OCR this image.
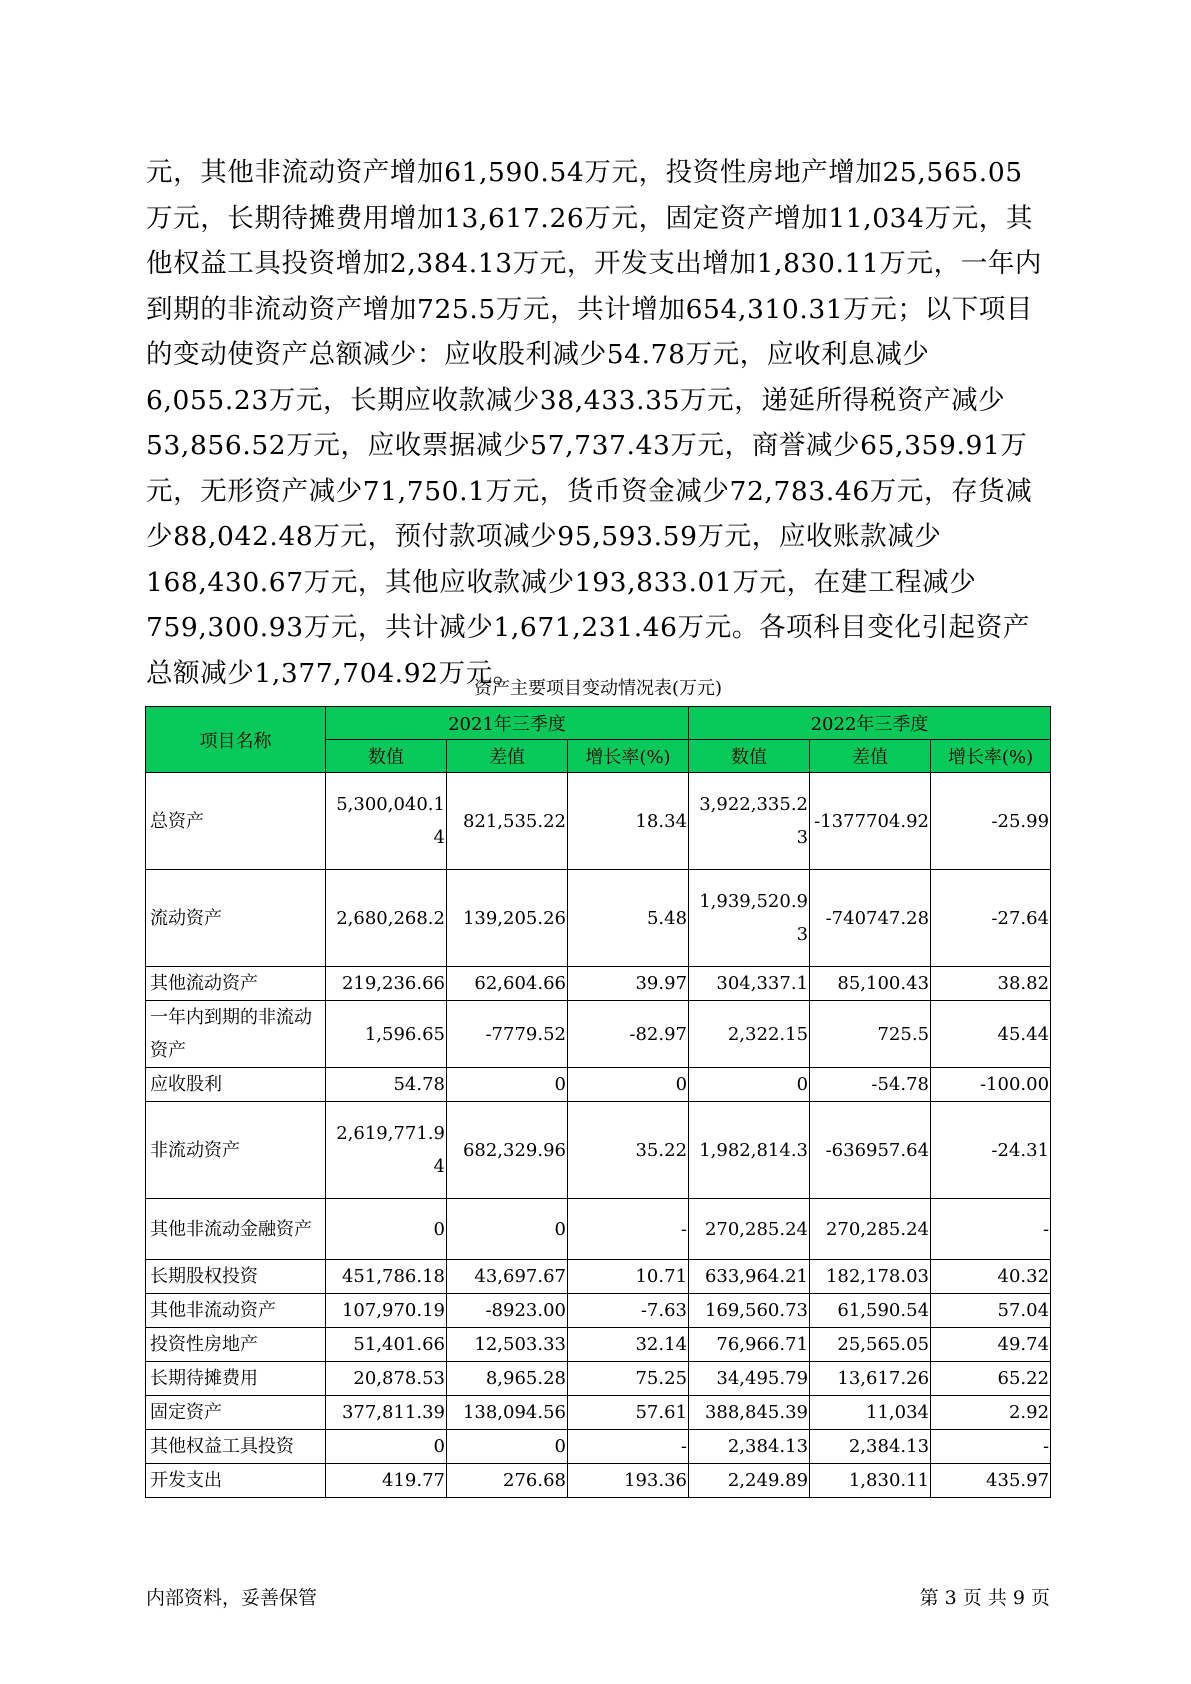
元，其他非流动资产增加61,590.54万元，投资性房地产增加25,565.05万元，长期待摊费用增加13,617.26万元，固定资产增加11,034万元，其他权益工具投资增加2,384.13万元，开发支出增加1,830.11万元，一年内到期的非流动资产增加725.5万元，共计增加654,310.31万元；以下项目的变动使资产总额减少：应收股利减少54.78万元，应收利息减少6,055.23万元，长期应收款减少38,433.35万元，递延所得税资产减少53,856.52万元，应收票据减少57,737.43万元，商誉减少65,359.91万元，无形资产减少71,750.1万元，货币资金减少72,783.46万元，存货减少88,042.48万元，预付款项减少95,593.59万元，应收账款减少168,430.67万元，其他应收款减少193,833.01万元，在建工程减少759,300.93万元，共计减少1,671,231.46万元。各项科目变化引起资产总额减少1,377,704.92万元。

资产主要项目变动情况表(万元)
项目名称	2021年三季度			2022年三季度		
	数值	差值	增长率(%)	数值	差值	增长率(%)
总资产	5,300,040.14	821,535.22	18.34	3,922,335.23	-1377704.92	-25.99
流动资产	2,680,268.2	139,205.26	5.48	1,939,520.93	-740747.28	-27.64
其他流动资产	219,236.66	62,604.66	39.97	304,337.1	85,100.43	38.82
一年内到期的非流动资产	1,596.65	-7779.52	-82.97	2,322.15	725.5	45.44
应收股利	54.78	0	0	0	-54.78	-100.00
非流动资产	2,619,771.94	682,329.96	35.22	1,982,814.3	-636957.64	-24.31
其他非流动金融资产	0	0	-	270,285.24	270,285.24	-
长期股权投资	451,786.18	43,697.67	10.71	633,964.21	182,178.03	40.32
其他非流动资产	107,970.19	-8923.00	-7.63	169,560.73	61,590.54	57.04
投资性房地产	51,401.66	12,503.33	32.14	76,966.71	25,565.05	49.74
长期待摊费用	20,878.53	8,965.28	75.25	34,495.79	13,617.26	65.22
固定资产	377,811.39	138,094.56	57.61	388,845.39	11,034	2.92
其他权益工具投资	0	0	-	2,384.13	2,384.13	-
开发支出	419.77	276.68	193.36	2,249.89	1,830.11	435.97
内部资料，妥善保管	第 3 页 共 9 页
